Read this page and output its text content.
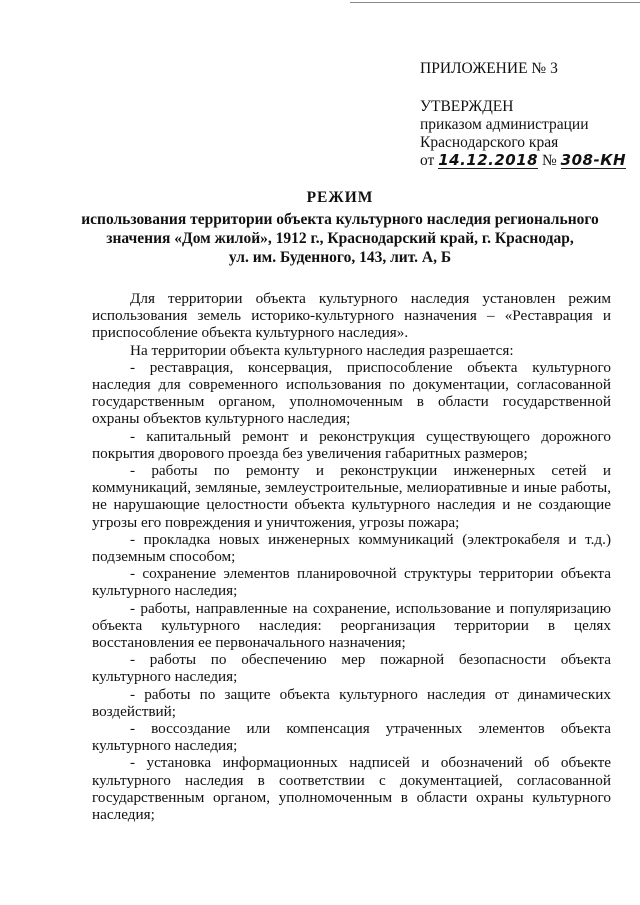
ПРИЛОЖЕНИЕ № 3
УТВЕРЖДЕН
приказом администрации
Краснодарского края
от 14.12.2018 № 308-КН
РЕЖИМ
использования территории объекта культурного наследия регионального
значения «Дом жилой», 1912 г., Краснодарский край, г. Краснодар,
ул. им. Буденного, 143, лит. А, Б

Для территории объекта культурного наследия установлен режим использования земель историко-культурного назначения – «Реставрация и приспособление объекта культурного наследия».

На территории объекта культурного наследия разрешается:

- реставрация, консервация, приспособление объекта культурного наследия для современного использования по документации, согласованной государственным органом, уполномоченным в области государственной охраны объектов культурного наследия;

- капитальный ремонт и реконструкция существующего дорожного покрытия дворового проезда без увеличения габаритных размеров;

- работы по ремонту и реконструкции инженерных сетей и коммуникаций, земляные, землеустроительные, мелиоративные и иные работы, не нарушающие целостности объекта культурного наследия и не создающие угрозы его повреждения и уничтожения, угрозы пожара;

- прокладка новых инженерных коммуникаций (электрокабеля и т.д.) подземным способом;

- сохранение элементов планировочной структуры территории объекта культурного наследия;

- работы, направленные на сохранение, использование и популяризацию объекта культурного наследия: реорганизация территории в целях восстановления ее первоначального назначения;

- работы по обеспечению мер пожарной безопасности объекта культурного наследия;

- работы по защите объекта культурного наследия от динамических воздействий;

- воссоздание или компенсация утраченных элементов объекта культурного наследия;

- установка информационных надписей и обозначений об объекте культурного наследия в соответствии с документацией, согласованной государственным органом, уполномоченным в области охраны культурного наследия;
